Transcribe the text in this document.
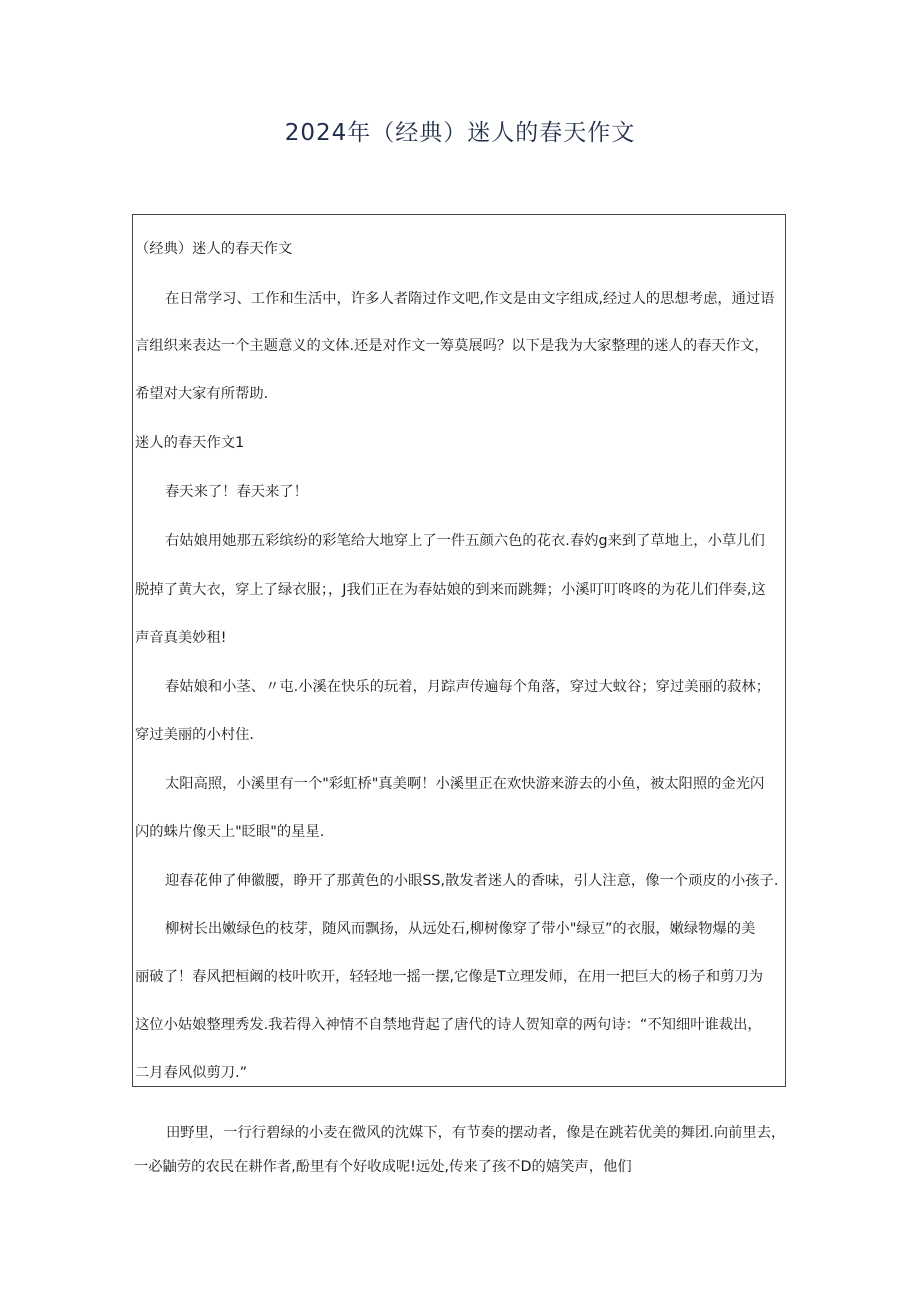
2024年（经典）迷人的春天作文
（经典）迷人的春天作文
在日常学习、工作和生活中，许多人者隋过作文吧,作文是由文字组成,经过人的思想考虑，通过语
言组织来表达一个主题意义的文体.还是对作文一筹莫展吗？以下是我为大家整理的迷人的春天作文，
希望对大家有所帮助.
迷人的春天作文1
春天来了！春天来了！
右姑娘用她那五彩缤纷的彩笔给大地穿上了一件五颜六色的花衣.春妁g来到了草地上，小草儿们
脱掉了黄大衣，穿上了绿衣服；，J我们正在为春姑娘的到来而跳舞；小溪叮叮咚咚的为花儿们伴奏,这
声音真美妙租!
春姑娘和小茎、〃屯.小溪在快乐的玩着，月踪声传遍每个角落，穿过大蚊谷；穿过美丽的菽林；
穿过美丽的小村住.
太阳高照，小溪里有一个"彩虹桥"真美啊！小溪里正在欢快游来游去的小鱼，被太阳照的金光闪
闪的蛛片像天上"眨眼"的星星.
迎春花伸了伸徽腰，睁开了那黄色的小眼SS,散发者迷人的香味，引人注意，像一个顽皮的小孩子.
柳树长出嫩绿色的枝芽，随风而飘扬，从远处石,柳树像穿了带小"绿豆”的衣服，嫩绿物爆的美
丽破了！春风把桓阚的枝叶吹开，轻轻地一摇一摆,它像是T立理发师，在用一把巨大的杨子和剪刀为
这位小姑娘整理秀发.我若得入神情不自禁地背起了唐代的诗人贺知章的两句诗：“不知细叶谁裁出，
二月春风似剪刀.”
田野里，一行行碧绿的小麦在微风的沈媒下，有节奏的摆动者，像是在跳若优美的舞团.向前里去，
一必鼬劳的农民在耕作者,酚里有个好收成呢!远处,传来了孩不D的嬉笑声，他们
